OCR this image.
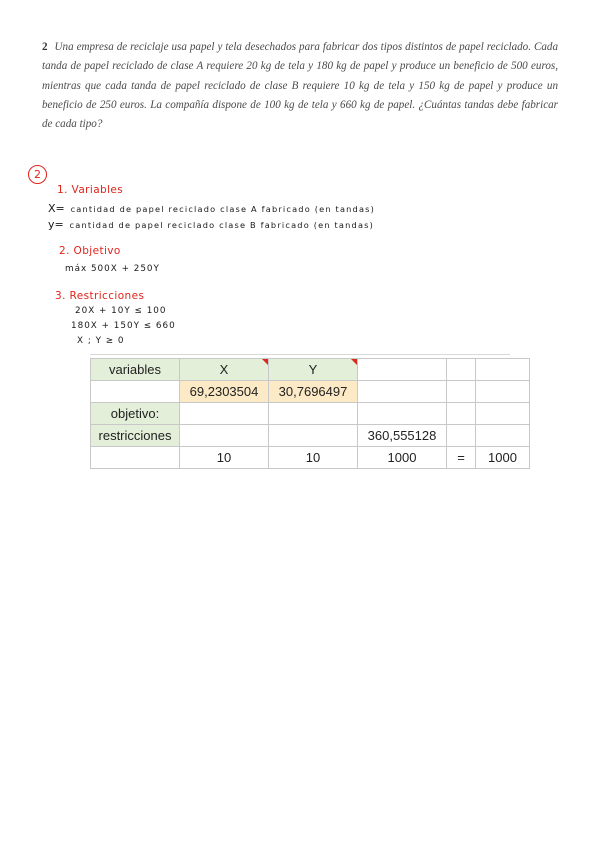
2 Una empresa de reciclaje usa papel y tela desechados para fabricar dos tipos distintos de papel reciclado. Cada tanda de papel reciclado de clase A requiere 20 kg de tela y 180 kg de papel y produce un beneficio de 500 euros, mientras que cada tanda de papel reciclado de clase B requiere 10 kg de tela y 150 kg de papel y produce un beneficio de 250 euros. La compañía dispone de 100 kg de tela y 660 kg de papel. ¿Cuántas tandas debe fabricar de cada tipo?
2
1. Variables
X= cantidad de papel reciclado clase A fabricado (en tandas)
y= cantidad de papel reciclado clase B fabricado (en tandas)
2. Objetivo
máx 500X + 250Y
3. Restricciones
20X + 10Y ≤ 100
180X + 150Y ≤ 660
X ; Y ≥ 0
variables	X	Y			
	69,2303504	30,7696497			
objetivo:					
restricciones			360,555128		
	10	10	1000	=	1000
